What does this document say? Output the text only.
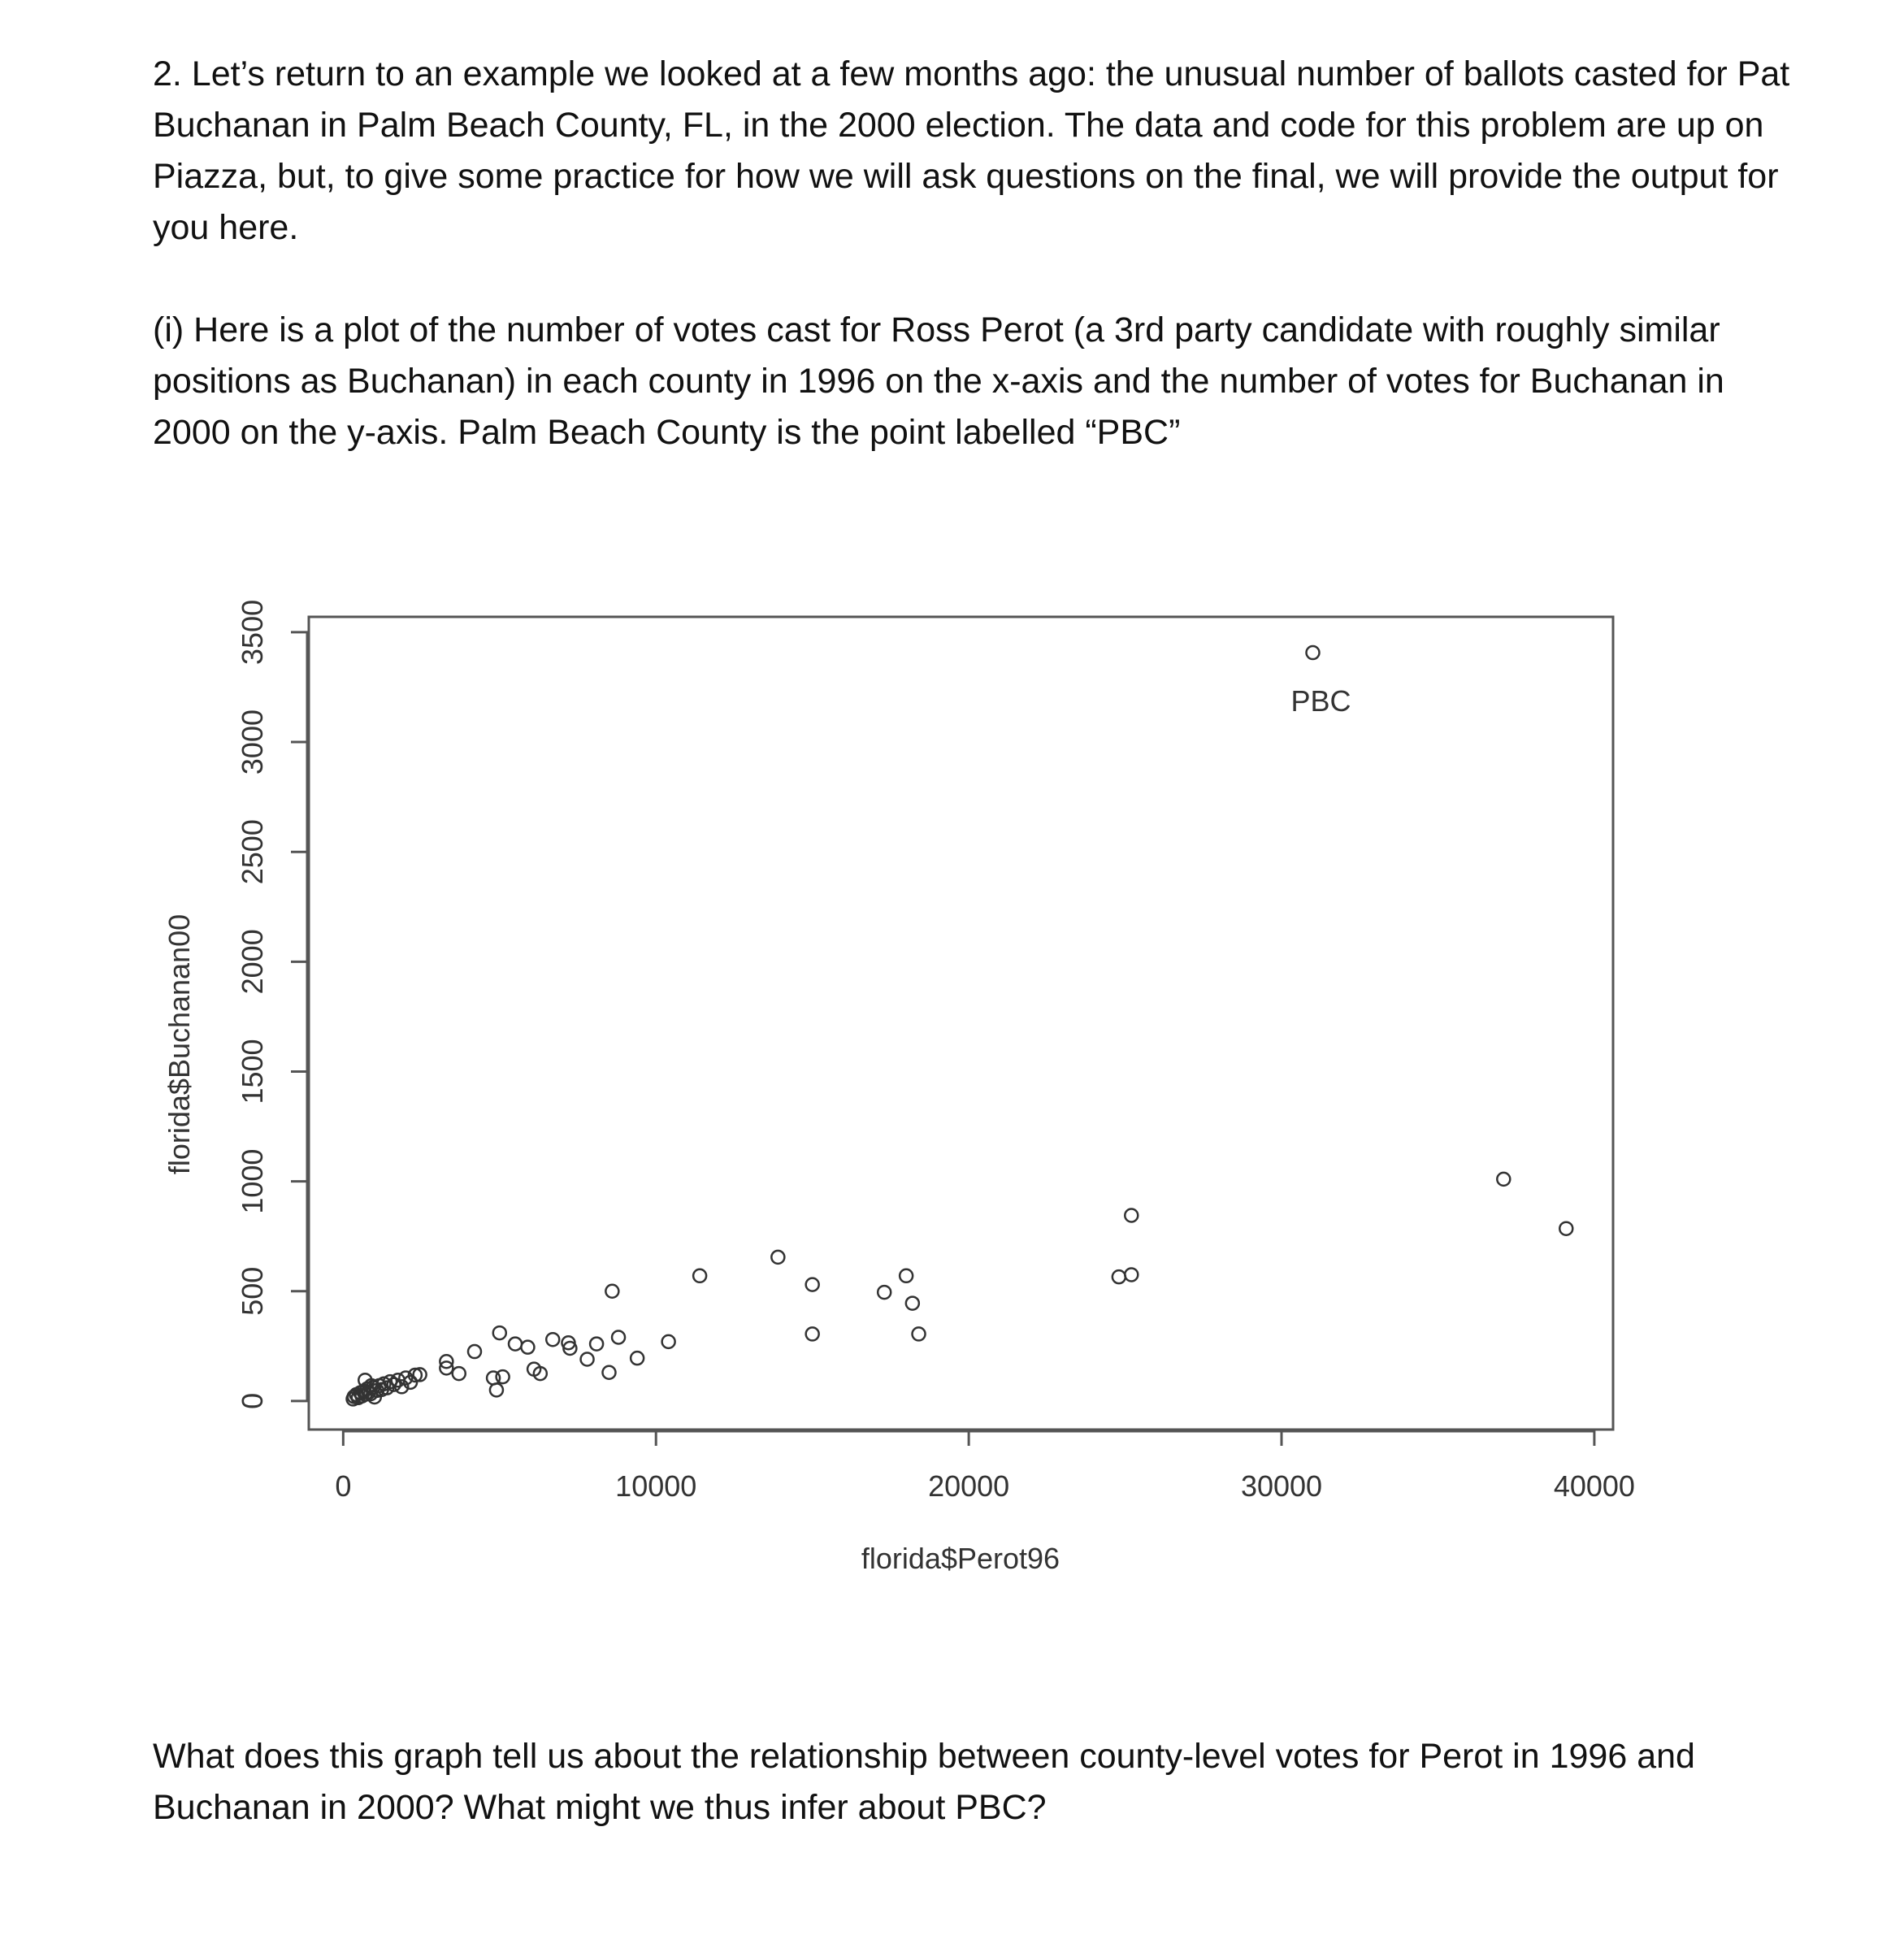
2. Let’s return to an example we looked at a few months ago: the unusual number of ballots casted for Pat Buchanan in Palm Beach County, FL, in the 2000 election. The data and code for this problem are up on Piazza, but, to give some practice for how we will ask questions on the final, we will provide the output for you here.

(i) Here is a plot of the number of votes cast for Ross Perot (a 3rd party candidate with roughly similar positions as Buchanan) in each county in 1996 on the x-axis and the number of votes for Buchanan in 2000 on the y-axis. Palm Beach County is the point labelled “PBC”

0	10000	20000	30000	40000
0
500
1000
1500
2000
2500
3000
3500
PBC
florida$Perot96
florida$Buchanan00

What does this graph tell us about the relationship between county-level votes for Perot in 1996 and Buchanan in 2000? What might we thus infer about PBC?
